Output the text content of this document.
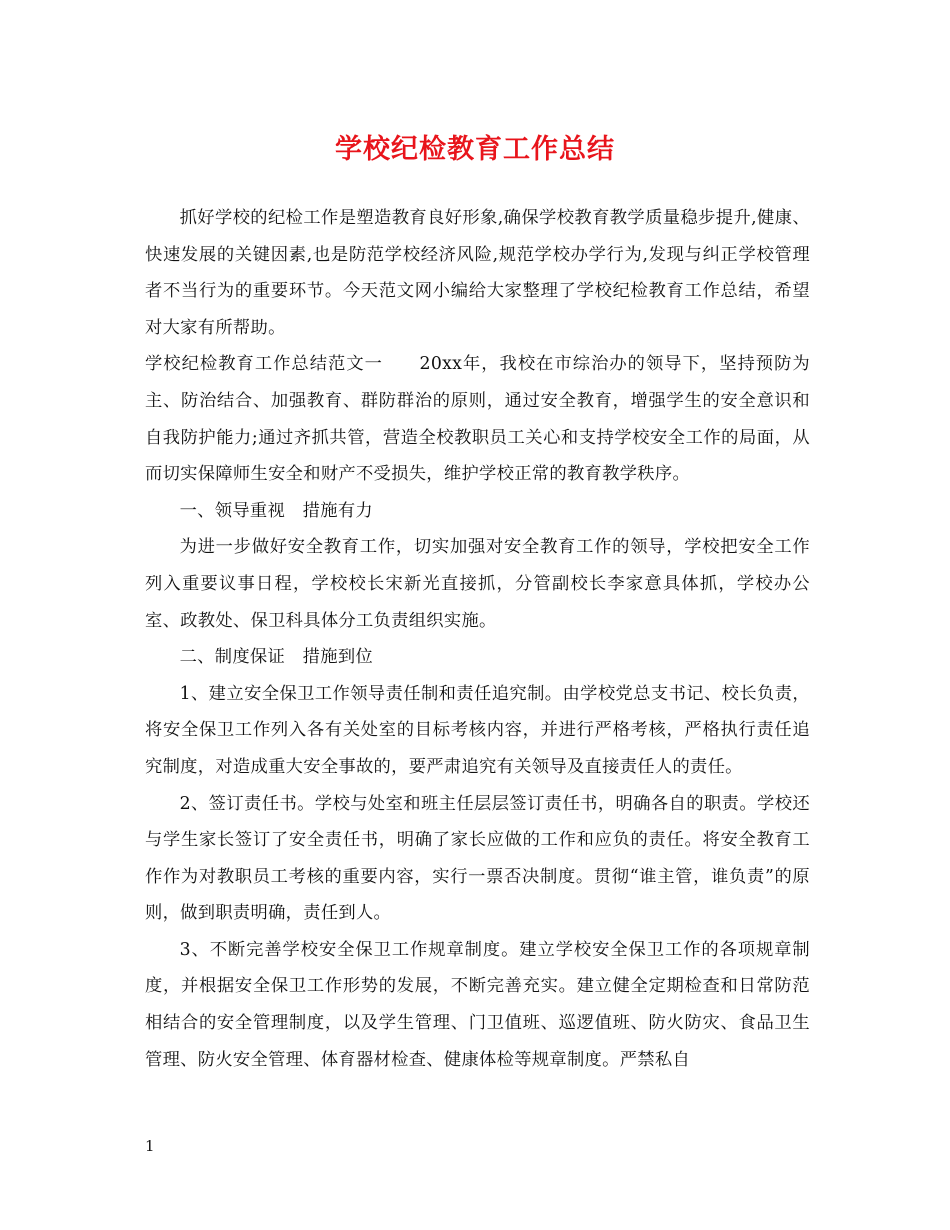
学校纪检教育工作总结

抓好学校的纪检工作是塑造教育良好形象,确保学校教育教学质量稳步提升,健康、快速发展的关键因素,也是防范学校经济风险,规范学校办学行为,发现与纠正学校管理者不当行为的重要环节。今天范文网小编给大家整理了学校纪检教育工作总结，希望对大家有所帮助。

学校纪检教育工作总结范文一　　20xx年，我校在市综治办的领导下，坚持预防为主、防治结合、加强教育、群防群治的原则，通过安全教育，增强学生的安全意识和自我防护能力;通过齐抓共管，营造全校教职员工关心和支持学校安全工作的局面，从而切实保障师生安全和财产不受损失，维护学校正常的教育教学秩序。

一、领导重视　措施有力

为进一步做好安全教育工作，切实加强对安全教育工作的领导，学校把安全工作列入重要议事日程，学校校长宋新光直接抓，分管副校长李家意具体抓，学校办公室、政教处、保卫科具体分工负责组织实施。

二、制度保证　措施到位

1、建立安全保卫工作领导责任制和责任追究制。由学校党总支书记、校长负责，将安全保卫工作列入各有关处室的目标考核内容，并进行严格考核，严格执行责任追究制度，对造成重大安全事故的，要严肃追究有关领导及直接责任人的责任。

2、签订责任书。学校与处室和班主任层层签订责任书，明确各自的职责。学校还与学生家长签订了安全责任书，明确了家长应做的工作和应负的责任。将安全教育工作作为对教职员工考核的重要内容，实行一票否决制度。贯彻“谁主管，谁负责”的原则，做到职责明确，责任到人。

3、不断完善学校安全保卫工作规章制度。建立学校安全保卫工作的各项规章制度，并根据安全保卫工作形势的发展，不断完善充实。建立健全定期检查和日常防范相结合的安全管理制度，以及学生管理、门卫值班、巡逻值班、防火防灾、食品卫生管理、防火安全管理、体育器材检查、健康体检等规章制度。严禁私自

1
